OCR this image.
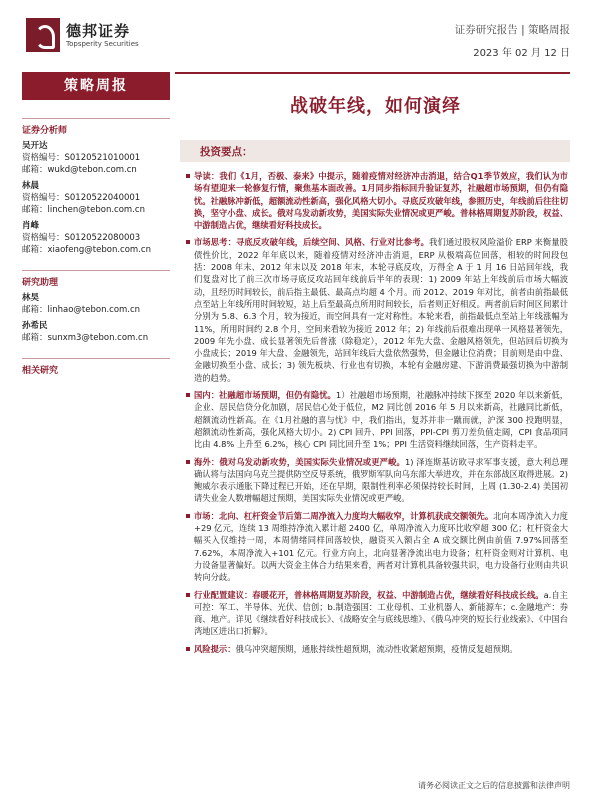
德邦证券
Topsperity Securities
证券研究报告 | 策略周报
2023 年 02 月 12 日
策略周报
证券分析师
吴开达
资格编号：S0120521010001
邮箱：wukd@tebon.com.cn
林晨
资格编号：S0120522040001
邮箱：linchen@tebon.com.cn
肖峰
资格编号：S0120522080003
邮箱：xiaofeng@tebon.com.cn
研究助理
林昊
邮箱：linhao@tebon.com.cn
孙希民
邮箱：sunxm3@tebon.com.cn
相关研究
战破年线，如何演绎
投资要点：
导读：我们《1月，否极、泰来》中提示，随着疫情对经济冲击消退，结合Q1季节效应，我们认为市场有望迎来一轮修复行情，聚焦基本面改善。1月同步指标回升验证复苏，社融超市场预期，但仍有隐忧。社融脉冲新低，超额流动性新高，强化风格大切小。寻底反攻破年线，参照历史，年线前后往往切换，坚守小盘、成长。俄对乌发动新攻势，美国实际失业情况或更严峻。普林格周期复苏阶段，权益、中游制造占优，继续看好科技成长。
市场思考：寻底反攻破年线，后续空间、风格、行业对比参考。我们通过股权风险溢价 ERP 来衡量股债性价比，2022 年年底以来，随着疫情对经济冲击消退，ERP 从极端高位回落，相较的时间段包括：2008 年末、2012 年末以及 2018 年末，本轮寻底反攻，万得全 A 于 1 月 16 日站回年线，我们复盘对比了前三次市场寻底反攻站回年线前后半年的表现：1) 2009 年站上年线前后市场大幅波动，且经历时间较长，前后指主最低、最高点均超 4 个月。而 2012、2019 年对比，前者由前指最低点至站上年线所用时间较短，站上后至最高点所用时间较长，后者则正好相反。两者前后时间区间累计分别为 5.8、6.3 个月，较为接近，而空间具有一定对称性。本轮来看，前指最低点至站上年线涨幅为 11%，所用时间约 2.8 个月，空间来看较为接近 2012 年；2) 年线前后很难出现单一风格显著领先，2009 年先小盘、成长显著领先后普涨（除稳定），2012 年先大盘、金融风格领先，但站回后切换为小盘成长；2019 年大盘、金融领先，站回年线后大盘依然强势，但金融让位消费；目前则是由中盘、金融切换至小盘、成长；3) 领先板块、行业也有切换，本轮有金融房建、下游消费最强切换为中游制造的趋势。
国内：社融超市场预期，但仍有隐忧。1）社融超市场预期，社融脉冲持续下探至 2020 年以来新低，企业、居民信贷分化加剧，居民信心处于低位，M2 同比创 2016 年 5 月以来新高，社融同比新低，超额流动性新高。在《1月社融的喜与忧》中，我们指出，复苏并非一蹴而就，沪深 300 投跑明显，超额流动性新高，强化风格大切小。2) CPI 回升、PPI 回落，PPI-CPI 剪刀差负值走阔，CPI 食品项同比由 4.8% 上升至 6.2%，核心 CPI 同比回升至 1%；PPI 生活资料继续回落，生产资料走平。
海外：俄对乌发动新攻势，美国实际失业情况或更严峻。1) 泽连斯基访欧寻求军事支援，意大利总理确认将与法国向乌克兰提供防空反导系统，俄罗斯军队向乌东部大举进攻，并在东部战区取得进展。2) 鲍威尔表示通胀下降过程已开始，还在早期，限制性利率必须保持较长时间，上周 (1.30-2.4) 美国初请失业金人数增幅超过预期，美国实际失业情况或更严峻。
市场：北向、杠杆资金节后第二周净流入力度均大幅收窄，计算机获成交额领先。北向本周净流入力度+29 亿元，连续 13 周维持净流入累计超 2400 亿，单周净流入力度环比收窄超 300 亿；杠杆资金大幅买入仅维持一周，本周情绪同样回落较快，融资买入额占全 A 成交额比例由前值 7.97%回落至 7.62%，本周净流入+101 亿元。行业方向上，北向显著净流出电力设备；杠杆资金则对计算机、电力设备显著偏好。以两大资金主体合力结果来看，两者对计算机具备较强共识，电力设备行业则由共识转向分歧。
行业配置建议：春暖花开，普林格周期复苏阶段，权益、中游制造占优，继续看好科技成长线。a.自主可控：军工、半导体、光伏、信创；b.制造强国：工业母机、工业机器人、新能源车；c.金融地产：券商、地产。详见《继续看好科技成长》、《战略安全与底线思维》、《俄乌冲突的短长行业线索》、《中国台湾地区进出口折解》。
风险提示：俄乌冲突超预期，通胀持续性超预期，流动性收紧超预期，疫情反复超预期。
请务必阅读正文之后的信息披露和法律声明
